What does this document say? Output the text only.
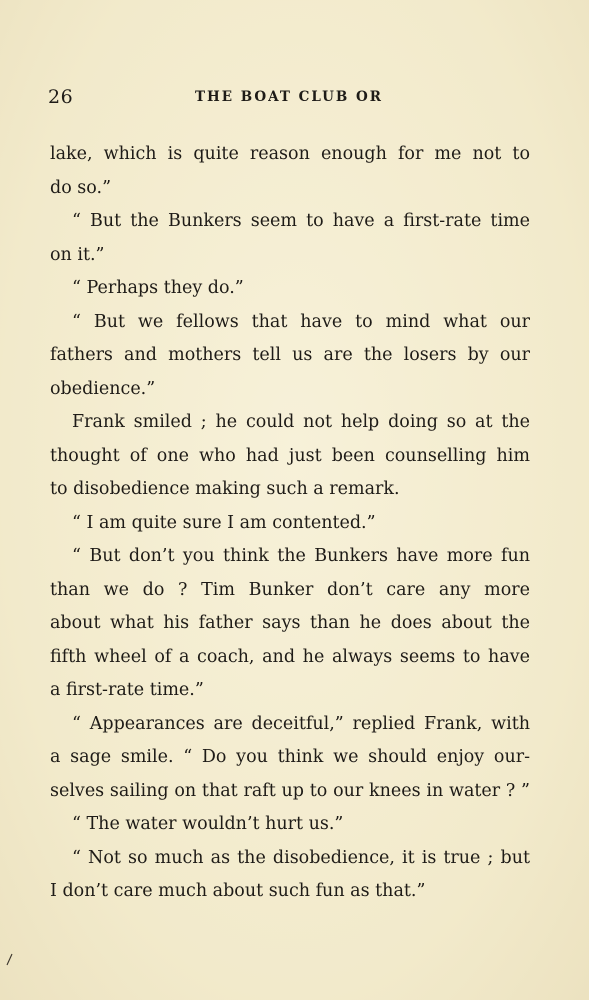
26	THE BOAT CLUB OR
lake, which is quite reason enough for me not to
do so.”
“ But the Bunkers seem to have a first-rate time
on it.”
“ Perhaps they do.”
“ But we fellows that have to mind what our
fathers and mothers tell us are the losers by our
obedience.”
Frank smiled ; he could not help doing so at the
thought of one who had just been counselling him
to disobedience making such a remark.
“ I am quite sure I am contented.”
“ But don’t you think the Bunkers have more fun
than we do ? Tim Bunker don’t care any more
about what his father says than he does about the
fifth wheel of a coach, and he always seems to have
a first-rate time.”
“ Appearances are deceitful,” replied Frank, with
a sage smile. “ Do you think we should enjoy our-
selves sailing on that raft up to our knees in water ? ”
“ The water wouldn’t hurt us.”
“ Not so much as the disobedience, it is true ; but
I don’t care much about such fun as that.”
